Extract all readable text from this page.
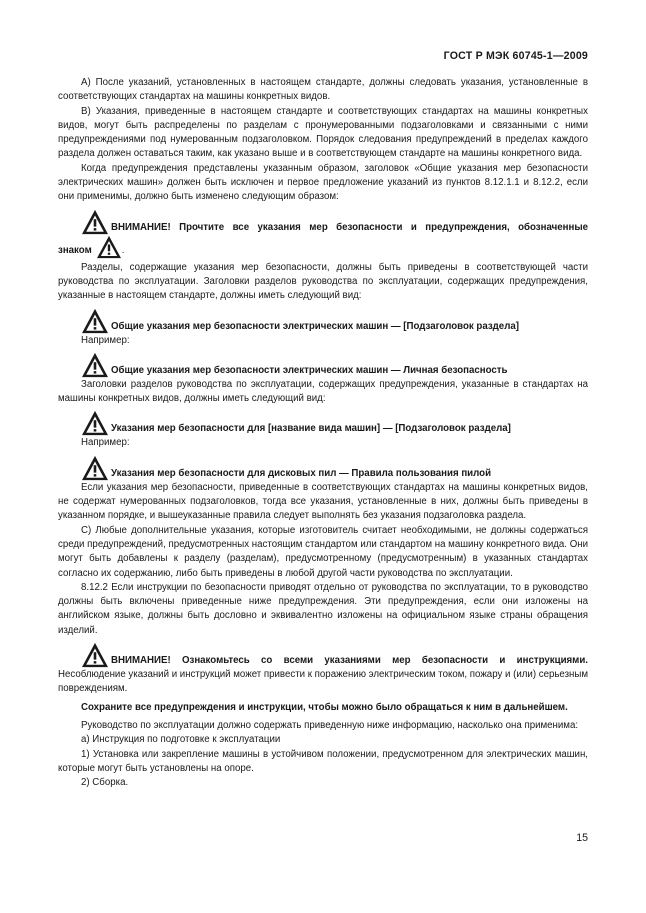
ГОСТ Р МЭК 60745-1—2009

А) После указаний, установленных в настоящем стандарте, должны следовать указания, установленные в соответствующих стандартах на машины конкретных видов.

В) Указания, приведенные в настоящем стандарте и соответствующих стандартах на машины конкретных видов, могут быть распределены по разделам с пронумерованными подзаголовками и связанными с ними предупреждениями под нумерованным подзаголовком. Порядок следования предупреждений в пределах каждого раздела должен оставаться таким, как указано выше и в соответствующем стандарте на машины конкретного вида.

Когда предупреждения представлены указанным образом, заголовок «Общие указания мер безопасности электрических машин» должен быть исключен и первое предложение указаний из пунктов 8.12.1.1 и 8.12.2, если они применимы, должно быть изменено следующим образом:

ВНИМАНИЕ! Прочтите все указания мер безопасности и предупреждения, обозначенные
знаком	.

Разделы, содержащие указания мер безопасности, должны быть приведены в соответствующей части руководства по эксплуатации. Заголовки разделов руководства по эксплуатации, содержащих предупреждения, указанные в настоящем стандарте, должны иметь следующий вид:

Общие указания мер безопасности электрических машин — [Подзаголовок раздела]

Например:

Общие указания мер безопасности электрических машин — Личная безопасность

Заголовки разделов руководства по эксплуатации, содержащих предупреждения, указанные в стандартах на машины конкретных видов, должны иметь следующий вид:

Указания мер безопасности для [название вида машин] — [Подзаголовок раздела]

Например:

Указания мер безопасности для дисковых пил — Правила пользования пилой

Если указания мер безопасности, приведенные в соответствующих стандартах на машины конкретных видов, не содержат нумерованных подзаголовков, тогда все указания, установленные в них, должны быть приведены в указанном порядке, и вышеуказанные правила следует выполнять без указания подзаголовка раздела.

С) Любые дополнительные указания, которые изготовитель считает необходимыми, не должны содержаться среди предупреждений, предусмотренных настоящим стандартом или стандартом на машину конкретного вида. Они могут быть добавлены к разделу (разделам), предусмотренному (предусмотренным) в указанных стандартах согласно их содержанию, либо быть приведены в любой другой части руководства по эксплуатации.

8.12.2 Если инструкции по безопасности приводят отдельно от руководства по эксплуатации, то в руководство должны быть включены приведенные ниже предупреждения. Эти предупреждения, если они изложены на английском языке, должны быть дословно и эквивалентно изложены на официальном языке страны обращения изделий.

ВНИМАНИЕ! Ознакомьтесь со всеми указаниями мер безопасности и инструкциями.

Несоблюдение указаний и инструкций может привести к поражению электрическим током, пожару и (или) серьезным повреждениям.

Сохраните все предупреждения и инструкции, чтобы можно было обращаться к ним в дальнейшем.

Руководство по эксплуатации должно содержать приведенную ниже информацию, насколько она применима:

а) Инструкция по подготовке к эксплуатации

1) Установка или закрепление машины в устойчивом положении, предусмотренном для электрических машин, которые могут быть установлены на опоре.

2) Сборка.

15
